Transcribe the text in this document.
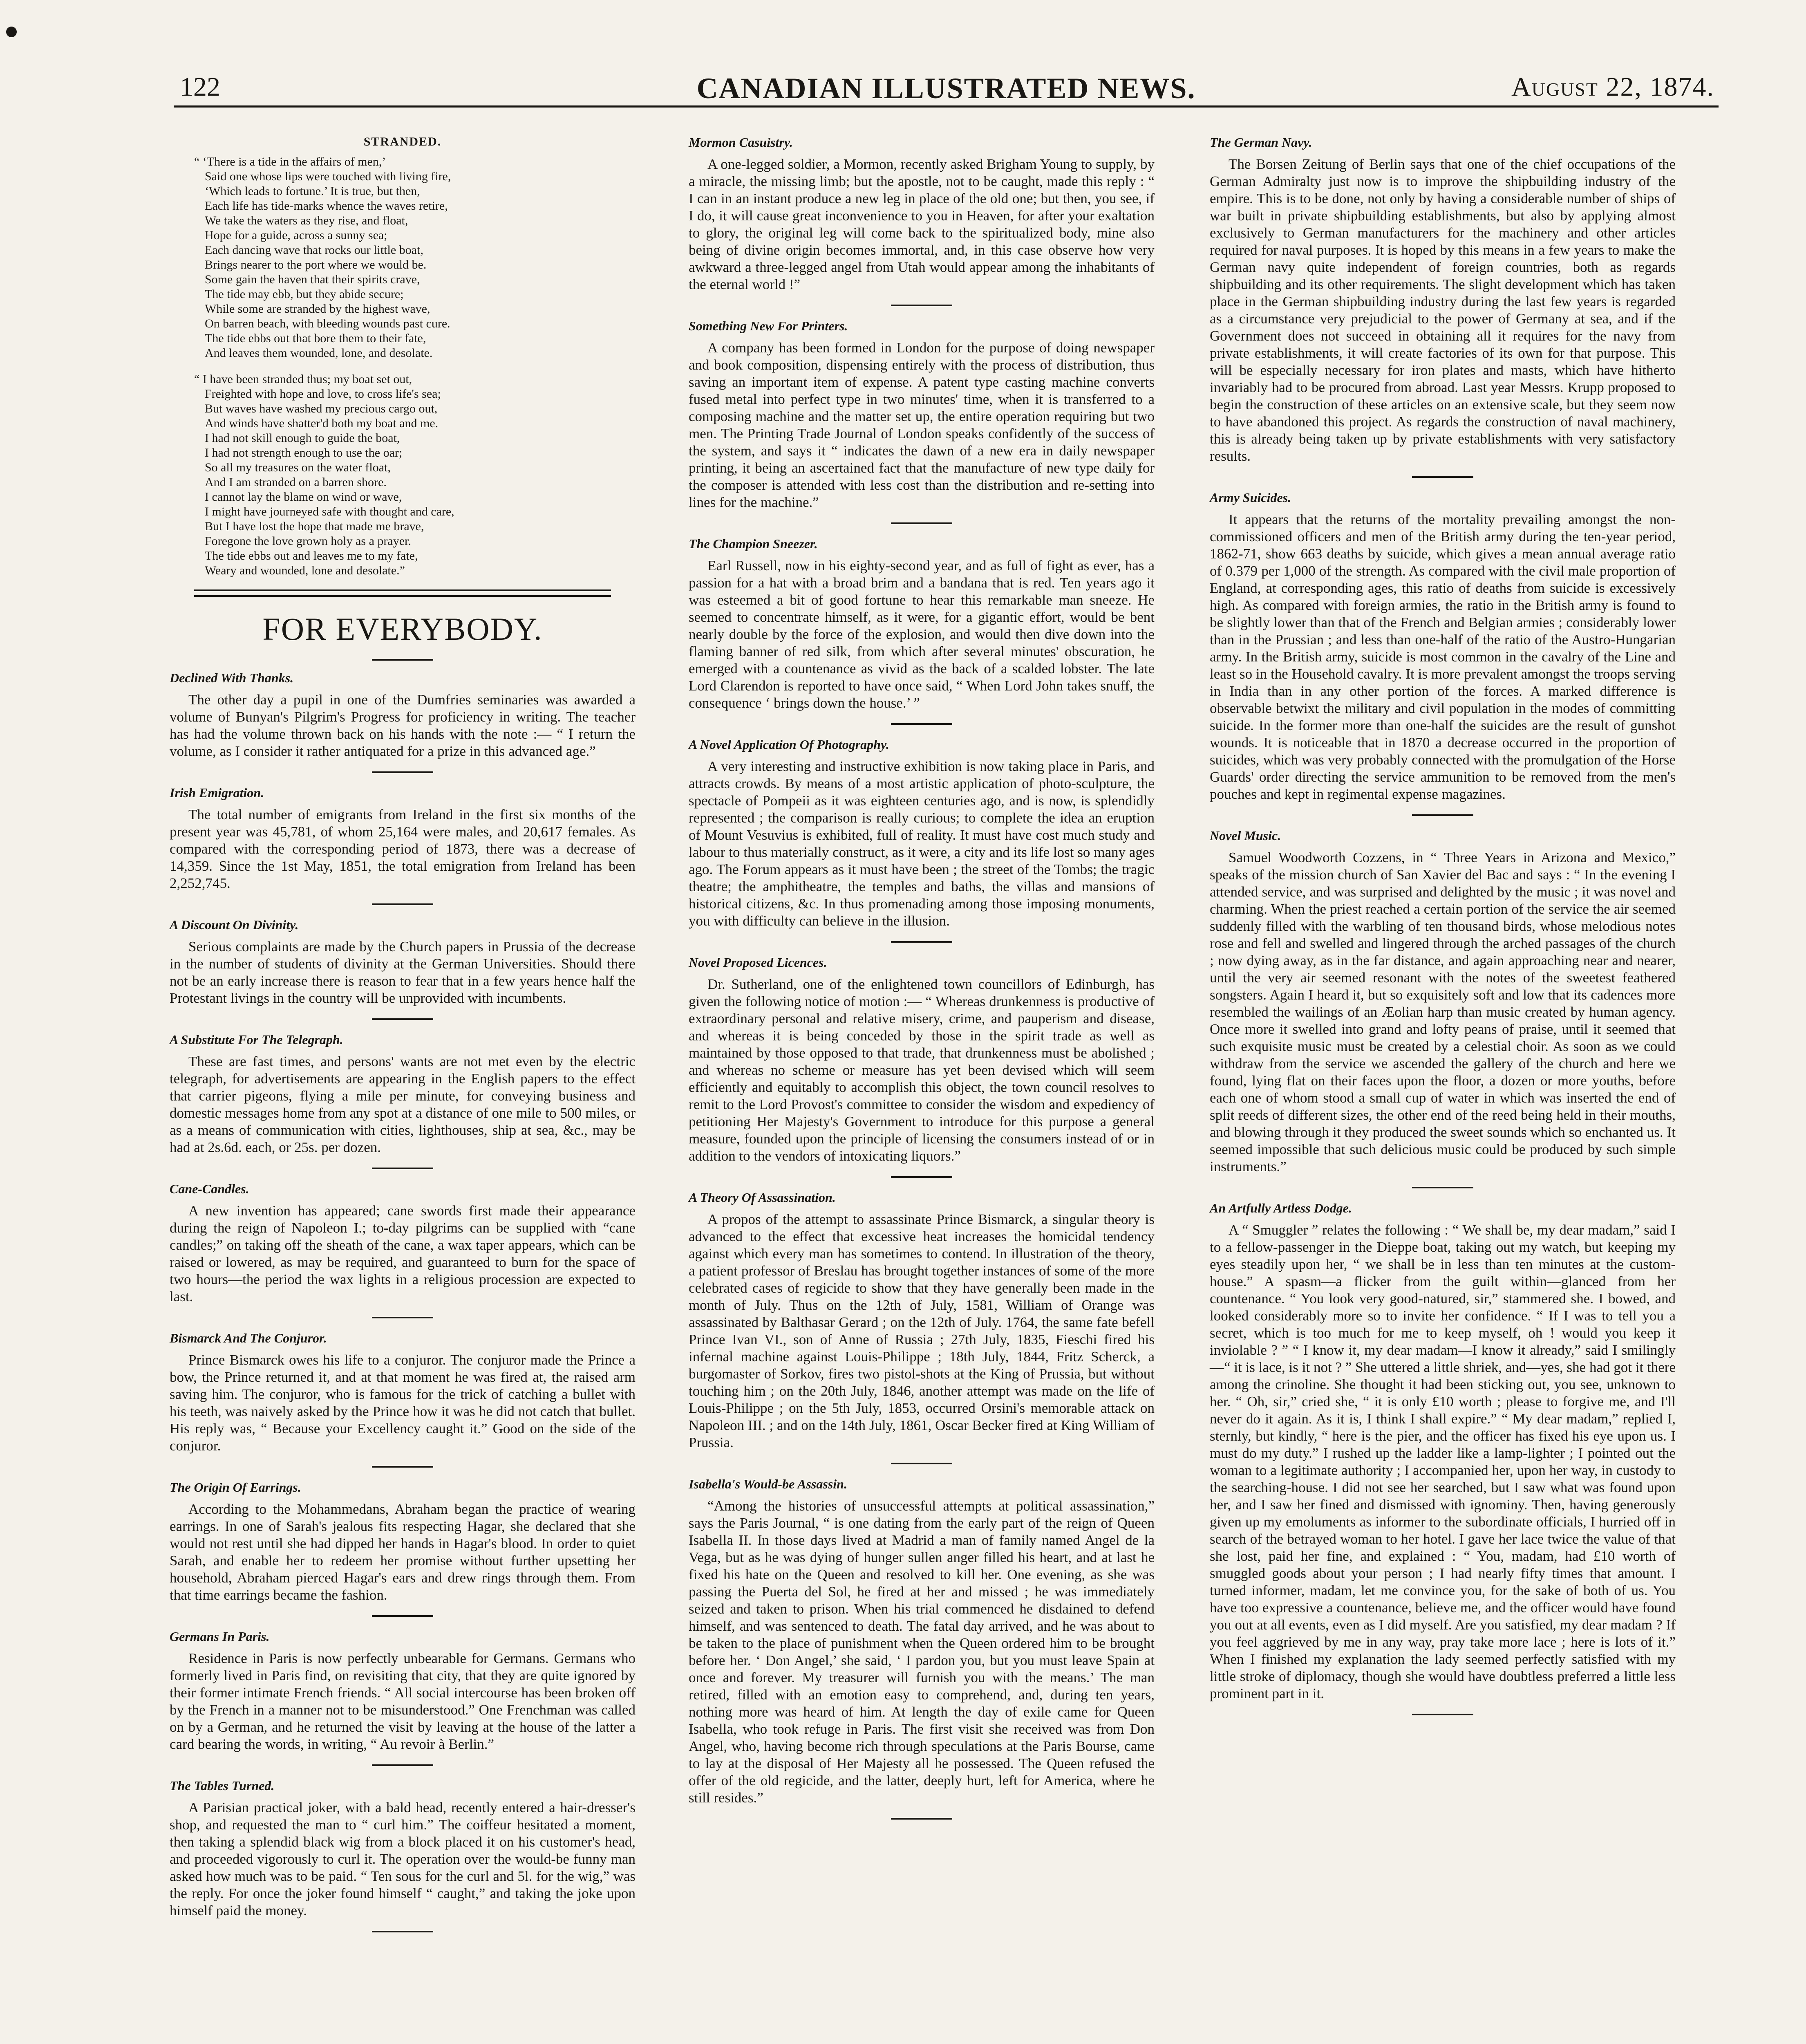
122	CANADIAN ILLUSTRATED NEWS.	August 22, 1874.
STRANDED.
“ ‘There is a tide in the affairs of men,’
Said one whose lips were touched with living fire,
‘Which leads to fortune.’ It is true, but then,
Each life has tide-marks whence the waves retire,
We take the waters as they rise, and float,
Hope for a guide, across a sunny sea;
Each dancing wave that rocks our little boat,
Brings nearer to the port where we would be.
Some gain the haven that their spirits crave,
The tide may ebb, but they abide secure;
While some are stranded by the highest wave,
On barren beach, with bleeding wounds past cure.
The tide ebbs out that bore them to their fate,
And leaves them wounded, lone, and desolate.
“ I have been stranded thus; my boat set out,
Freighted with hope and love, to cross life's sea;
But waves have washed my precious cargo out,
And winds have shatter'd both my boat and me.
I had not skill enough to guide the boat,
I had not strength enough to use the oar;
So all my treasures on the water float,
And I am stranded on a barren shore.
I cannot lay the blame on wind or wave,
I might have journeyed safe with thought and care,
But I have lost the hope that made me brave,
Foregone the love grown holy as a prayer.
The tide ebbs out and leaves me to my fate,
Weary and wounded, lone and desolate.”
FOR EVERYBODY.
Declined With Thanks.

The other day a pupil in one of the Dumfries seminaries was awarded a volume of Bunyan's Pilgrim's Progress for proficiency in writing. The teacher has had the volume thrown back on his hands with the note :— “ I return the volume, as I consider it rather antiquated for a prize in this advanced age.”

Irish Emigration.

The total number of emigrants from Ireland in the first six months of the present year was 45,781, of whom 25,164 were males, and 20,617 females. As compared with the corresponding period of 1873, there was a decrease of 14,359. Since the 1st May, 1851, the total emigration from Ireland has been 2,252,745.

A Discount On Divinity.

Serious complaints are made by the Church papers in Prussia of the decrease in the number of students of divinity at the German Universities. Should there not be an early increase there is reason to fear that in a few years hence half the Protestant livings in the country will be unprovided with incumbents.

A Substitute For The Telegraph.

These are fast times, and persons' wants are not met even by the electric telegraph, for advertisements are appearing in the English papers to the effect that carrier pigeons, flying a mile per minute, for conveying business and domestic messages home from any spot at a distance of one mile to 500 miles, or as a means of communication with cities, lighthouses, ship at sea, &c., may be had at 2s.6d. each, or 25s. per dozen.

Cane-Candles.

A new invention has appeared; cane swords first made their appearance during the reign of Napoleon I.; to-day pilgrims can be supplied with “cane candles;” on taking off the sheath of the cane, a wax taper appears, which can be raised or lowered, as may be required, and guaranteed to burn for the space of two hours—the period the wax lights in a religious procession are expected to last.

Bismarck And The Conjuror.

Prince Bismarck owes his life to a conjuror. The conjuror made the Prince a bow, the Prince returned it, and at that moment he was fired at, the raised arm saving him. The conjuror, who is famous for the trick of catching a bullet with his teeth, was naively asked by the Prince how it was he did not catch that bullet. His reply was, “ Because your Excellency caught it.” Good on the side of the conjuror.

The Origin Of Earrings.

According to the Mohammedans, Abraham began the practice of wearing earrings. In one of Sarah's jealous fits respecting Hagar, she declared that she would not rest until she had dipped her hands in Hagar's blood. In order to quiet Sarah, and enable her to redeem her promise without further upsetting her household, Abraham pierced Hagar's ears and drew rings through them. From that time earrings became the fashion.

Germans In Paris.

Residence in Paris is now perfectly unbearable for Germans. Germans who formerly lived in Paris find, on revisiting that city, that they are quite ignored by their former intimate French friends. “ All social intercourse has been broken off by the French in a manner not to be misunderstood.” One Frenchman was called on by a German, and he returned the visit by leaving at the house of the latter a card bearing the words, in writing, “ Au revoir à Berlin.”

The Tables Turned.

A Parisian practical joker, with a bald head, recently entered a hair-dresser's shop, and requested the man to “ curl him.” The coiffeur hesitated a moment, then taking a splendid black wig from a block placed it on his customer's head, and proceeded vigorously to curl it. The operation over the would-be funny man asked how much was to be paid. “ Ten sous for the curl and 5l. for the wig,” was the reply. For once the joker found himself “ caught,” and taking the joke upon himself paid the money.

Mormon Casuistry.

A one-legged soldier, a Mormon, recently asked Brigham Young to supply, by a miracle, the missing limb; but the apostle, not to be caught, made this reply : “ I can in an instant produce a new leg in place of the old one; but then, you see, if I do, it will cause great inconvenience to you in Heaven, for after your exaltation to glory, the original leg will come back to the spiritualized body, mine also being of divine origin becomes immortal, and, in this case observe how very awkward a three-legged angel from Utah would appear among the inhabitants of the eternal world !”

Something New For Printers.

A company has been formed in London for the purpose of doing newspaper and book composition, dispensing entirely with the process of distribution, thus saving an important item of expense. A patent type casting machine converts fused metal into perfect type in two minutes' time, when it is transferred to a composing machine and the matter set up, the entire operation requiring but two men. The Printing Trade Journal of London speaks confidently of the success of the system, and says it “ indicates the dawn of a new era in daily newspaper printing, it being an ascertained fact that the manufacture of new type daily for the composer is attended with less cost than the distribution and re-setting into lines for the machine.”

The Champion Sneezer.

Earl Russell, now in his eighty-second year, and as full of fight as ever, has a passion for a hat with a broad brim and a bandana that is red. Ten years ago it was esteemed a bit of good fortune to hear this remarkable man sneeze. He seemed to concentrate himself, as it were, for a gigantic effort, would be bent nearly double by the force of the explosion, and would then dive down into the flaming banner of red silk, from which after several minutes' obscuration, he emerged with a countenance as vivid as the back of a scalded lobster. The late Lord Clarendon is reported to have once said, “ When Lord John takes snuff, the consequence ‘ brings down the house.’ ”

A Novel Application Of Photography.

A very interesting and instructive exhibition is now taking place in Paris, and attracts crowds. By means of a most artistic application of photo-sculpture, the spectacle of Pompeii as it was eighteen centuries ago, and is now, is splendidly represented ; the comparison is really curious; to complete the idea an eruption of Mount Vesuvius is exhibited, full of reality. It must have cost much study and labour to thus materially construct, as it were, a city and its life lost so many ages ago. The Forum appears as it must have been ; the street of the Tombs; the tragic theatre; the amphitheatre, the temples and baths, the villas and mansions of historical citizens, &c. In thus promenading among those imposing monuments, you with difficulty can believe in the illusion.

Novel Proposed Licences.

Dr. Sutherland, one of the enlightened town councillors of Edinburgh, has given the following notice of motion :— “ Whereas drunkenness is productive of extraordinary personal and relative misery, crime, and pauperism and disease, and whereas it is being conceded by those in the spirit trade as well as maintained by those opposed to that trade, that drunkenness must be abolished ; and whereas no scheme or measure has yet been devised which will seem efficiently and equitably to accomplish this object, the town council resolves to remit to the Lord Provost's committee to consider the wisdom and expediency of petitioning Her Majesty's Government to introduce for this purpose a general measure, founded upon the principle of licensing the consumers instead of or in addition to the vendors of intoxicating liquors.”

A Theory Of Assassination.

A propos of the attempt to assassinate Prince Bismarck, a singular theory is advanced to the effect that excessive heat increases the homicidal tendency against which every man has sometimes to contend. In illustration of the theory, a patient professor of Breslau has brought together instances of some of the more celebrated cases of regicide to show that they have generally been made in the month of July. Thus on the 12th of July, 1581, William of Orange was assassinated by Balthasar Gerard ; on the 12th of July. 1764, the same fate befell Prince Ivan VI., son of Anne of Russia ; 27th July, 1835, Fieschi fired his infernal machine against Louis-Philippe ; 18th July, 1844, Fritz Scherck, a burgomaster of Sorkov, fires two pistol-shots at the King of Prussia, but without touching him ; on the 20th July, 1846, another attempt was made on the life of Louis-Philippe ; on the 5th July, 1853, occurred Orsini's memorable attack on Napoleon III. ; and on the 14th July, 1861, Oscar Becker fired at King William of Prussia.

Isabella's Would-be Assassin.

“Among the histories of unsuccessful attempts at political assassination,” says the Paris Journal, “ is one dating from the early part of the reign of Queen Isabella II. In those days lived at Madrid a man of family named Angel de la Vega, but as he was dying of hunger sullen anger filled his heart, and at last he fixed his hate on the Queen and resolved to kill her. One evening, as she was passing the Puerta del Sol, he fired at her and missed ; he was immediately seized and taken to prison. When his trial commenced he disdained to defend himself, and was sentenced to death. The fatal day arrived, and he was about to be taken to the place of punishment when the Queen ordered him to be brought before her. ‘ Don Angel,’ she said, ‘ I pardon you, but you must leave Spain at once and forever. My treasurer will furnish you with the means.’ The man retired, filled with an emotion easy to comprehend, and, during ten years, nothing more was heard of him. At length the day of exile came for Queen Isabella, who took refuge in Paris. The first visit she received was from Don Angel, who, having become rich through speculations at the Paris Bourse, came to lay at the disposal of Her Majesty all he possessed. The Queen refused the offer of the old regicide, and the latter, deeply hurt, left for America, where he still resides.”

The German Navy.

The Borsen Zeitung of Berlin says that one of the chief occupations of the German Admiralty just now is to improve the shipbuilding industry of the empire. This is to be done, not only by having a considerable number of ships of war built in private shipbuilding establishments, but also by applying almost exclusively to German manufacturers for the machinery and other articles required for naval purposes. It is hoped by this means in a few years to make the German navy quite independent of foreign countries, both as regards shipbuilding and its other requirements. The slight development which has taken place in the German shipbuilding industry during the last few years is regarded as a circumstance very prejudicial to the power of Germany at sea, and if the Government does not succeed in obtaining all it requires for the navy from private establishments, it will create factories of its own for that purpose. This will be especially necessary for iron plates and masts, which have hitherto invariably had to be procured from abroad. Last year Messrs. Krupp proposed to begin the construction of these articles on an extensive scale, but they seem now to have abandoned this project. As regards the construction of naval machinery, this is already being taken up by private establishments with very satisfactory results.

Army Suicides.

It appears that the returns of the mortality prevailing amongst the non-commissioned officers and men of the British army during the ten-year period, 1862-71, show 663 deaths by suicide, which gives a mean annual average ratio of 0.379 per 1,000 of the strength. As compared with the civil male proportion of England, at corresponding ages, this ratio of deaths from suicide is excessively high. As compared with foreign armies, the ratio in the British army is found to be slightly lower than that of the French and Belgian armies ; considerably lower than in the Prussian ; and less than one-half of the ratio of the Austro-Hungarian army. In the British army, suicide is most common in the cavalry of the Line and least so in the Household cavalry. It is more prevalent amongst the troops serving in India than in any other portion of the forces. A marked difference is observable betwixt the military and civil population in the modes of committing suicide. In the former more than one-half the suicides are the result of gunshot wounds. It is noticeable that in 1870 a decrease occurred in the proportion of suicides, which was very probably connected with the promulgation of the Horse Guards' order directing the service ammunition to be removed from the men's pouches and kept in regimental expense magazines.

Novel Music.

Samuel Woodworth Cozzens, in “ Three Years in Arizona and Mexico,” speaks of the mission church of San Xavier del Bac and says : “ In the evening I attended service, and was surprised and delighted by the music ; it was novel and charming. When the priest reached a certain portion of the service the air seemed suddenly filled with the warbling of ten thousand birds, whose melodious notes rose and fell and swelled and lingered through the arched passages of the church ; now dying away, as in the far distance, and again approaching near and nearer, until the very air seemed resonant with the notes of the sweetest feathered songsters. Again I heard it, but so exquisitely soft and low that its cadences more resembled the wailings of an Æolian harp than music created by human agency. Once more it swelled into grand and lofty peans of praise, until it seemed that such exquisite music must be created by a celestial choir. As soon as we could withdraw from the service we ascended the gallery of the church and here we found, lying flat on their faces upon the floor, a dozen or more youths, before each one of whom stood a small cup of water in which was inserted the end of split reeds of different sizes, the other end of the reed being held in their mouths, and blowing through it they produced the sweet sounds which so enchanted us. It seemed impossible that such delicious music could be produced by such simple instruments.”

An Artfully Artless Dodge.

A “ Smuggler ” relates the following : “ We shall be, my dear madam,” said I to a fellow-passenger in the Dieppe boat, taking out my watch, but keeping my eyes steadily upon her, “ we shall be in less than ten minutes at the custom-house.” A spasm—a flicker from the guilt within—glanced from her countenance. “ You look very good-natured, sir,” stammered she. I bowed, and looked considerably more so to invite her confidence. “ If I was to tell you a secret, which is too much for me to keep myself, oh ! would you keep it inviolable ? ” “ I know it, my dear madam—I know it already,” said I smilingly—“ it is lace, is it not ? ” She uttered a little shriek, and—yes, she had got it there among the crinoline. She thought it had been sticking out, you see, unknown to her. “ Oh, sir,” cried she, “ it is only £10 worth ; please to forgive me, and I'll never do it again. As it is, I think I shall expire.” “ My dear madam,” replied I, sternly, but kindly, “ here is the pier, and the officer has fixed his eye upon us. I must do my duty.” I rushed up the ladder like a lamp-lighter ; I pointed out the woman to a legitimate authority ; I accompanied her, upon her way, in custody to the searching-house. I did not see her searched, but I saw what was found upon her, and I saw her fined and dismissed with ignominy. Then, having generously given up my emoluments as informer to the subordinate officials, I hurried off in search of the betrayed woman to her hotel. I gave her lace twice the value of that she lost, paid her fine, and explained : “ You, madam, had £10 worth of smuggled goods about your person ; I had nearly fifty times that amount. I turned informer, madam, let me convince you, for the sake of both of us. You have too expressive a countenance, believe me, and the officer would have found you out at all events, even as I did myself. Are you satisfied, my dear madam ? If you feel aggrieved by me in any way, pray take more lace ; here is lots of it.” When I finished my explanation the lady seemed perfectly satisfied with my little stroke of diplomacy, though she would have doubtless preferred a little less prominent part in it.
